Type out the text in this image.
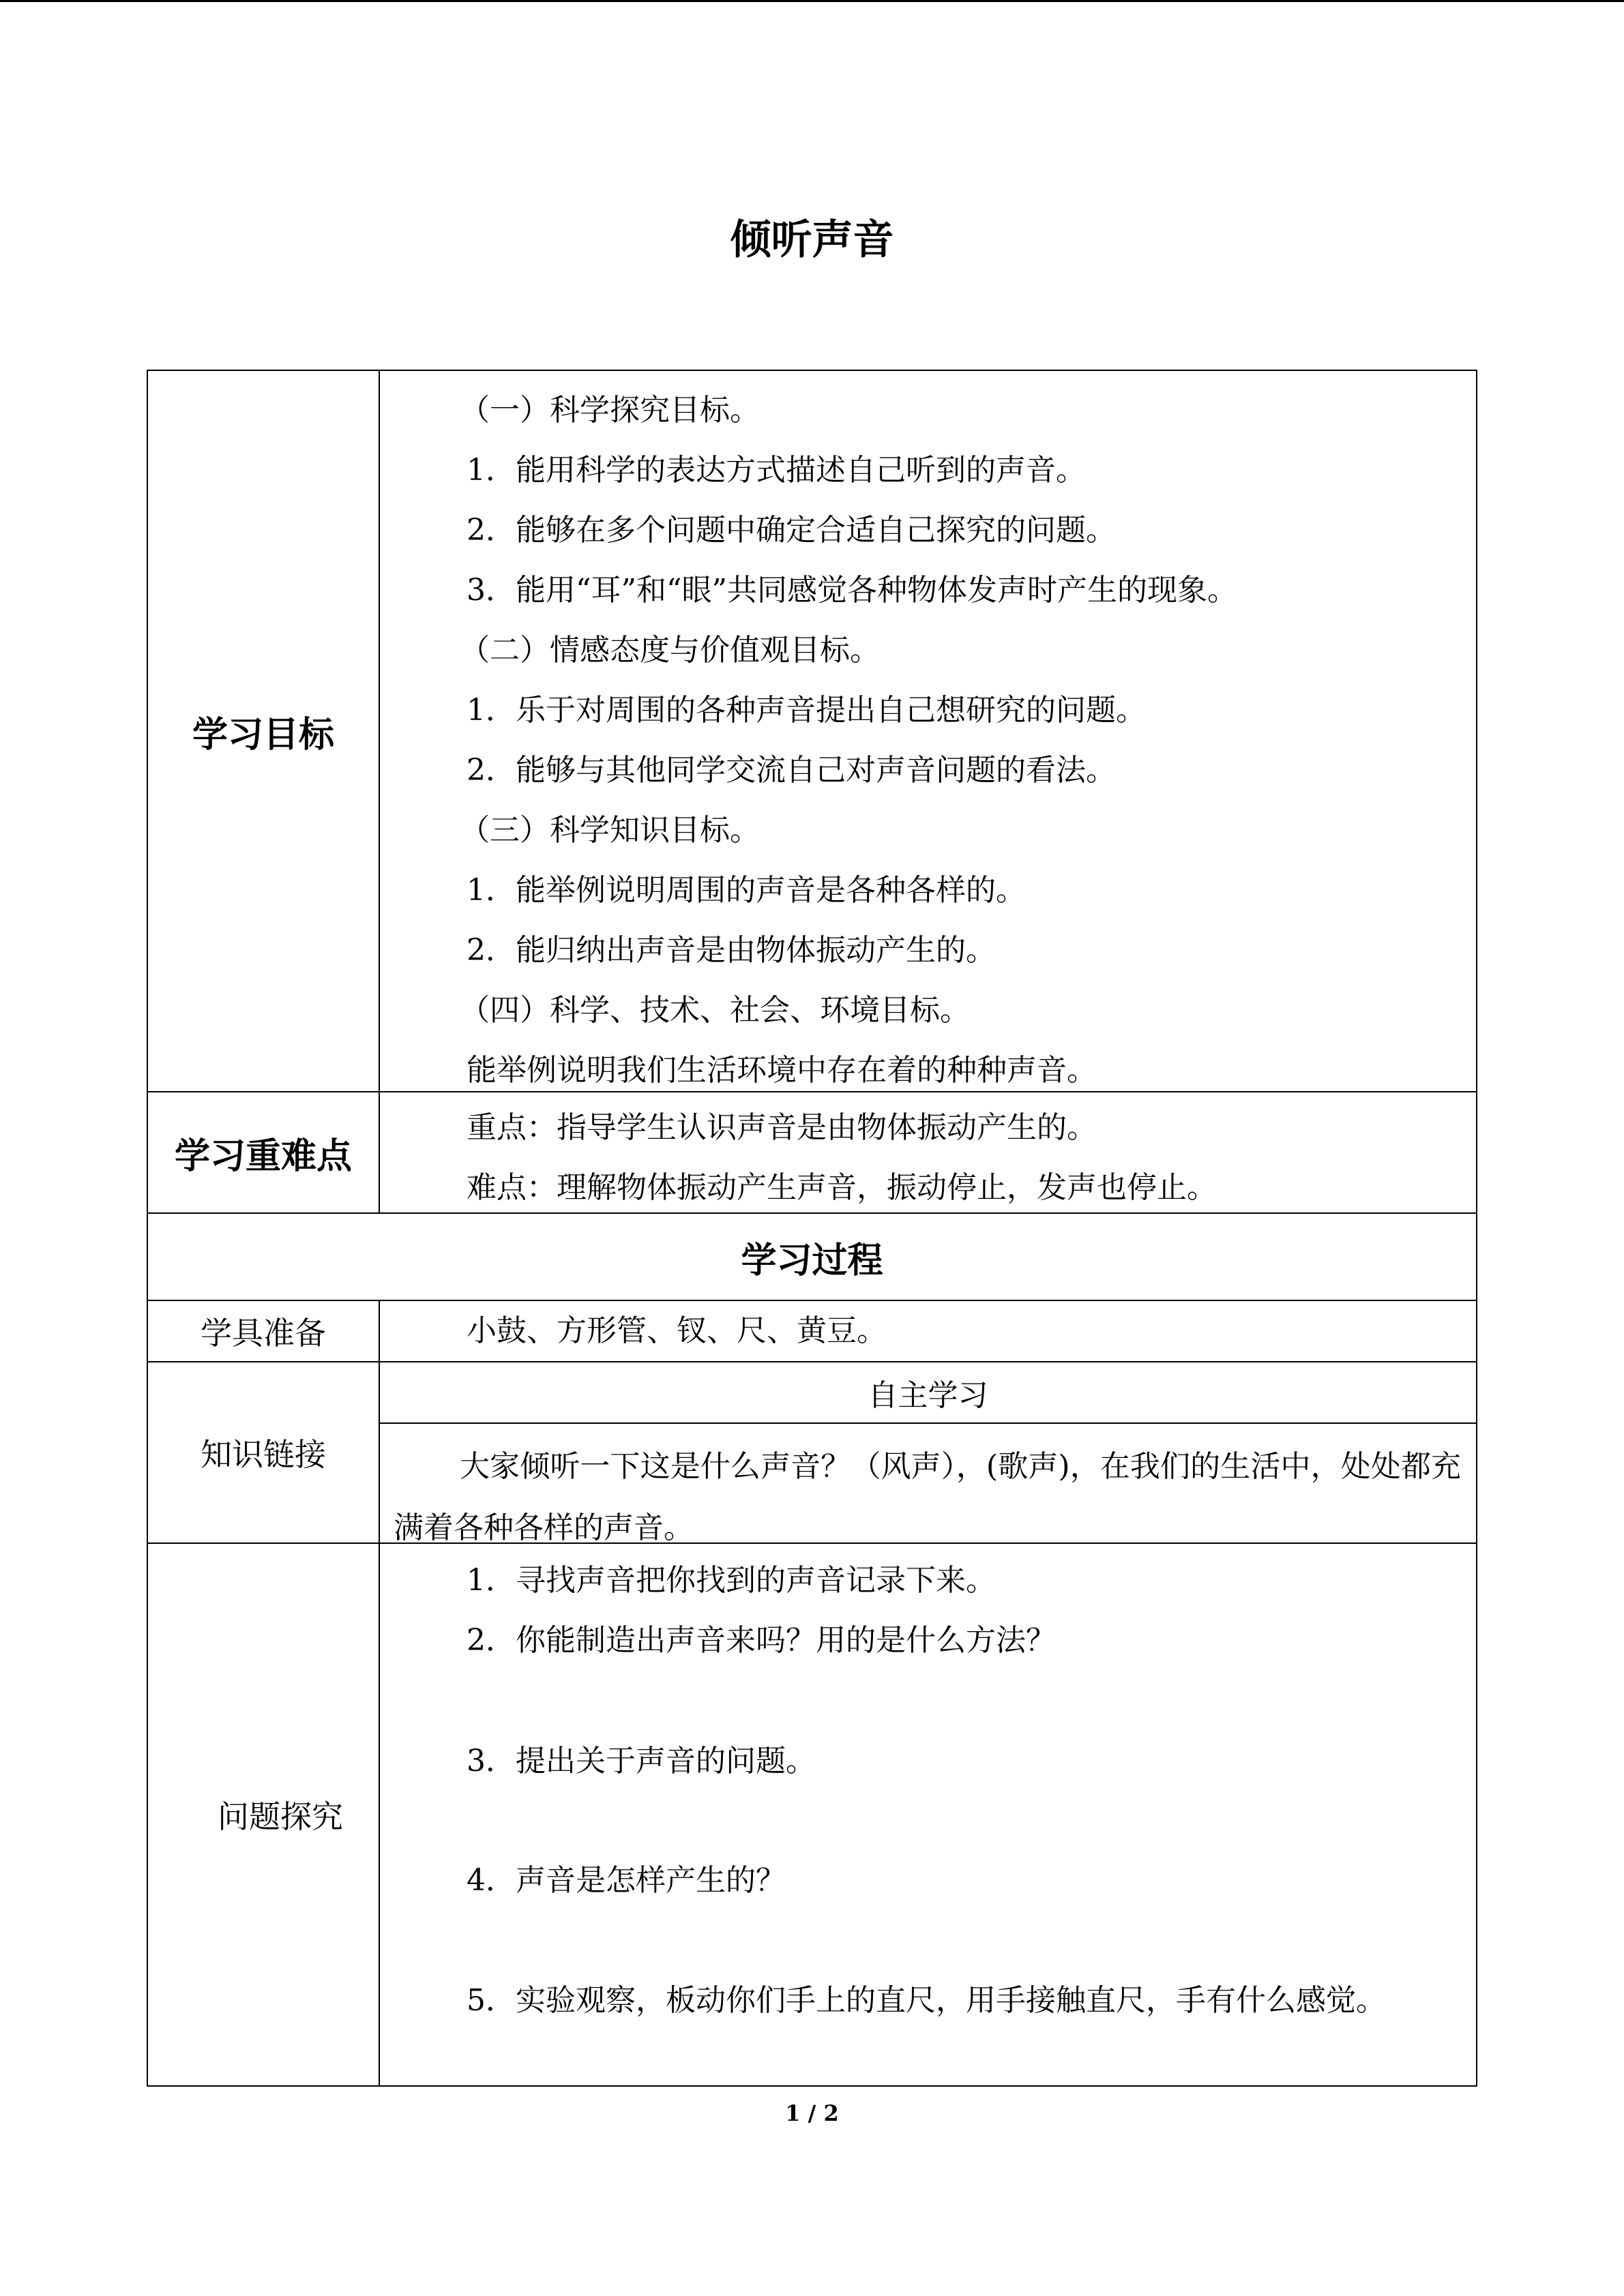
倾听声音
学习目标
（一）科学探究目标。
1．能用科学的表达方式描述自己听到的声音。
2．能够在多个问题中确定合适自己探究的问题。
3．能用“耳”和“眼”共同感觉各种物体发声时产生的现象。
（二）情感态度与价值观目标。
1．乐于对周围的各种声音提出自己想研究的问题。
2．能够与其他同学交流自己对声音问题的看法。
（三）科学知识目标。
1．能举例说明周围的声音是各种各样的。
2．能归纳出声音是由物体振动产生的。
（四）科学、技术、社会、环境目标。
能举例说明我们生活环境中存在着的种种声音。
学习重难点
重点：指导学生认识声音是由物体振动产生的。
难点：理解物体振动产生声音，振动停止，发声也停止。
学习过程
学具准备	小鼓、方形管、钗、尺、黄豆。
知识链接
自主学习
大家倾听一下这是什么声音？（风声），(歌声)，在我们的生活中，处处都充满着各种各样的声音。
问题探究
1．寻找声音把你找到的声音记录下来。
2．你能制造出声音来吗？用的是什么方法？
3．提出关于声音的问题。
4．声音是怎样产生的？
5．实验观察，板动你们手上的直尺，用手接触直尺，手有什么感觉。
1 / 2
